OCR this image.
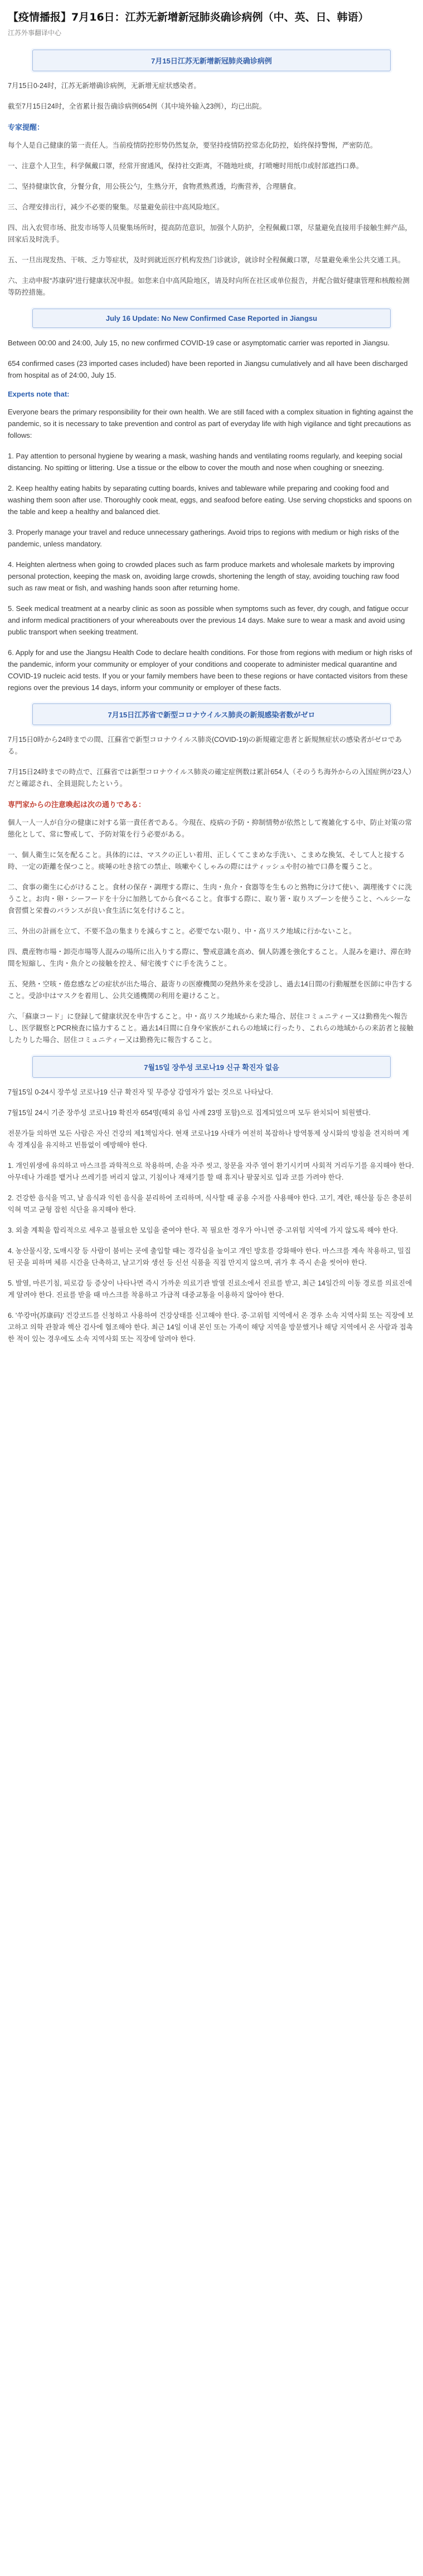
【疫情播报】7月16日：江苏无新增新冠肺炎确诊病例（中、英、日、韩语）
江苏外事翻译中心
7月15日江苏无新增新冠肺炎确诊病例

7月15日0-24时，江苏无新增确诊病例，无新增无症状感染者。

截至7月15日24时，全省累计报告确诊病例654例（其中境外输入23例），均已出院。

专家提醒：

每个人是自己健康的第一责任人。当前疫情防控形势仍然复杂，要坚持疫情防控常态化防控，始终保持警惕，严密防范。

一、注意个人卫生，科学佩戴口罩，经常开窗通风，保持社交距离，不随地吐痰，打喷嚏时用纸巾或肘部遮挡口鼻。

二、坚持健康饮食，分餐分食，用公筷公勺，生熟分开，食物煮熟煮透，均衡营养，合理膳食。

三、合理安排出行，减少不必要的聚集。尽量避免前往中高风险地区。

四、出入农贸市场、批发市场等人员聚集场所时，提高防范意识，加强个人防护，全程佩戴口罩，尽量避免直接用手接触生鲜产品，回家后及时洗手。

五、一旦出现发热、干咳、乏力等症状，及时到就近医疗机构发热门诊就诊，就诊时全程佩戴口罩，尽量避免乘坐公共交通工具。

六、主动申报“苏康码”进行健康状况申报。如您来自中高风险地区，请及时向所在社区或单位报告，并配合做好健康管理和核酸检测等防控措施。

July 16 Update: No New Confirmed Case Reported in Jiangsu

Between 00:00 and 24:00, July 15, no new confirmed COVID-19 case or asymptomatic carrier was reported in Jiangsu.

654 confirmed cases (23 imported cases included) have been reported in Jiangsu cumulatively and all have been discharged from hospital as of 24:00, July 15.

Experts note that:

Everyone bears the primary responsibility for their own health. We are still faced with a complex situation in fighting against the pandemic, so it is necessary to take prevention and control as part of everyday life with high vigilance and tight precautions as follows:

1. Pay attention to personal hygiene by wearing a mask, washing hands and ventilating rooms regularly, and keeping social distancing. No spitting or littering. Use a tissue or the elbow to cover the mouth and nose when coughing or sneezing.

2. Keep healthy eating habits by separating cutting boards, knives and tableware while preparing and cooking food and washing them soon after use. Thoroughly cook meat, eggs, and seafood before eating. Use serving chopsticks and spoons on the table and keep a healthy and balanced diet.

3. Properly manage your travel and reduce unnecessary gatherings. Avoid trips to regions with medium or high risks of the pandemic, unless mandatory.

4. Heighten alertness when going to crowded places such as farm produce markets and wholesale markets by improving personal protection, keeping the mask on, avoiding large crowds, shortening the length of stay, avoiding touching raw food such as raw meat or fish, and washing hands soon after returning home.

5. Seek medical treatment at a nearby clinic as soon as possible when symptoms such as fever, dry cough, and fatigue occur and inform medical practitioners of your whereabouts over the previous 14 days. Make sure to wear a mask and avoid using public transport when seeking treatment.

6. Apply for and use the Jiangsu Health Code to declare health conditions. For those from regions with medium or high risks of the pandemic, inform your community or employer of your conditions and cooperate to administer medical quarantine and COVID-19 nucleic acid tests. If you or your family members have been to these regions or have contacted visitors from these regions over the previous 14 days, inform your community or employer of these facts.

7月15日江苏省で新型コロナウイルス肺炎の新規感染者数がゼロ

7月15日0時から24時までの間、江蘇省で新型コロナウイルス肺炎(COVID-19)の新規確定患者と新規無症状の感染者がゼロである。

7月15日24時までの時点で、江蘇省では新型コロナウイルス肺炎の確定症例数は累計654人（そのうち海外からの入国症例が23人）だと確認され、全員退院したという。

専門家からの注意喚起は次の通りである：

個人一人一人が自分の健康に対する第一責任者である。今現在、疫病の予防・抑制情勢が依然として複雑化する中、防止対策の常態化として、常に警戒して、予防対策を行う必要がある。

一、個人衛生に気を配ること。具体的には、マスクの正しい着用、正しくてこまめな手洗い、こまめな換気、そして人と接する時、一定の距離を保つこと。痰唾の吐き捨ての禁止、咳嗽やくしゃみの際にはティッシュや肘の袖で口鼻を覆うこと。

二、食事の衛生に心がけること。食材の保存・調理する際に、生肉・魚介・食器等を生ものと熟物に分けて使い、調理後すぐに洗うこと。お肉・卵・シーフードを十分に加熱してから食べること。食事する際に、取り箸・取りスプーンを使うこと、ヘルシーな食習慣と栄養のバランスが良い食生活に気を付けること。

三、外出の計画を立て、不要不急の集まりを減らすこと。必要でない限り、中・高リスク地域に行かないこと。

四、農産物市場・卸売市場等人混みの場所に出入りする際に、警戒意識を高め、個人防護を強化すること。人混みを避け、滞在時間を短縮し、生肉・魚介との接触を控え、帰宅後すぐに手を洗うこと。

五、発熱・空咳・倦怠感などの症状が出た場合、最寄りの医療機関の発熱外来を受診し、過去14日間の行動履歴を医師に申告すること。受診中はマスクを着用し、公共交通機関の利用を避けること。

六、「蘇康コード」に登録して健康状況を申告すること。中・高リスク地域から来た場合、居住コミュニティー又は勤務先へ報告し、医学観察とPCR検査に協力すること。過去14日間に自身や家族がこれらの地域に行ったり、これらの地域からの来訪者と接触したりした場合、居住コミュニティー又は勤務先に報告すること。

7월15일 장쑤성 코로나19 신규 확진자 없음

7월15일 0-24시 장쑤성 코로나19 신규 확진자 및 무증상 감염자가 없는 것으로 나타났다.

7월15일 24시 기준 장쑤성 코로나19 확진자 654명(해외 유입 사례 23명 포함)으로 집계되었으며 모두 완치되어 퇴원했다.

전문가들 의하면 모든 사람은 자신 건강의 제1책임자다. 현재 코로나19 사태가 여전히 복잡하나 방역통제 상시화의 방침을 견지하며 계속 경계심을 유지하고 빈틈없이 예방해야 한다.

1. 개인위생에 유의하고 마스크를 과학적으로 착용하며, 손을 자주 씻고, 창문을 자주 열어 환기시키며 사회적 거리두기를 유지해야 한다. 아무데나 가래를 뱉거나 쓰레기를 버리지 않고, 기침이나 재채기를 할 때 휴지나 팔꿈치로 입과 코를 가려야 한다.

2. 건강한 음식을 먹고, 날 음식과 익힌 음식을 분리하여 조리하며, 식사할 때 공용 수저를 사용해야 한다. 고기, 계란, 해산물 등은 충분히 익혀 먹고 균형 잡힌 식단을 유지해야 한다.

3. 외출 계획을 합리적으로 세우고 불필요한 모임을 줄여야 한다. 꼭 필요한 경우가 아니면 중·고위험 지역에 가지 않도록 해야 한다.

4. 농산물시장, 도매시장 등 사람이 붐비는 곳에 출입할 때는 경각심을 높이고 개인 방호를 강화해야 한다. 마스크를 계속 착용하고, 밀집된 곳을 피하며 체류 시간을 단축하고, 날고기와 생선 등 신선 식품을 직접 만지지 않으며, 귀가 후 즉시 손을 씻어야 한다.

5. 발열, 마른기침, 피로감 등 증상이 나타나면 즉시 가까운 의료기관 발열 진료소에서 진료를 받고, 최근 14일간의 이동 경로를 의료진에게 알려야 한다. 진료를 받을 때 마스크를 착용하고 가급적 대중교통을 이용하지 않아야 한다.

6. '쑤캉마(苏康码)' 건강코드를 신청하고 사용하여 건강상태를 신고해야 한다. 중·고위험 지역에서 온 경우 소속 지역사회 또는 직장에 보고하고 의학 관찰과 핵산 검사에 협조해야 한다. 최근 14일 이내 본인 또는 가족이 해당 지역을 방문했거나 해당 지역에서 온 사람과 접촉한 적이 있는 경우에도 소속 지역사회 또는 직장에 알려야 한다.
